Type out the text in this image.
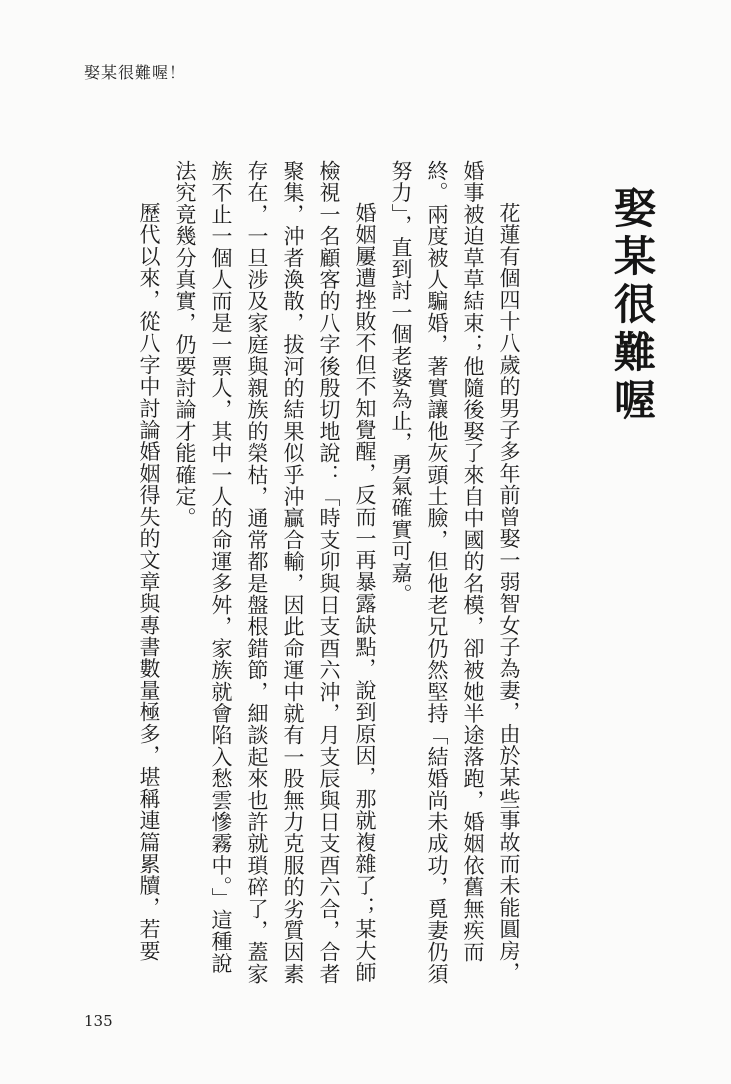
娶某很難喔！
娶某很難喔

花蓮有個四十八歲的男子多年前曾娶一弱智女子為妻，由於某些事故而未能圓房，婚事被迫草草結束；他隨後娶了來自中國的名模，卻被她半途落跑，婚姻依舊無疾而終。兩度被人騙婚，著實讓他灰頭土臉，但他老兄仍然堅持「結婚尚未成功，覓妻仍須努力」，直到討一個老婆為止，勇氣確實可嘉。

婚姻屢遭挫敗不但不知覺醒，反而一再暴露缺點，說到原因，那就複雜了；某大師檢視一名顧客的八字後殷切地說：「時支卯與日支酉六沖，月支辰與日支酉六合，合者聚集，沖者渙散，拔河的結果似乎沖贏合輸，因此命運中就有一股無力克服的劣質因素存在，一旦涉及家庭與親族的榮枯，通常都是盤根錯節，細談起來也許就瑣碎了，蓋家族不止一個人而是一票人，其中一人的命運多舛，家族就會陷入愁雲慘霧中。」這種說法究竟幾分真實，仍要討論才能確定。

歷代以來，從八字中討論婚姻得失的文章與專書數量極多，堪稱連篇累牘，若要

135
